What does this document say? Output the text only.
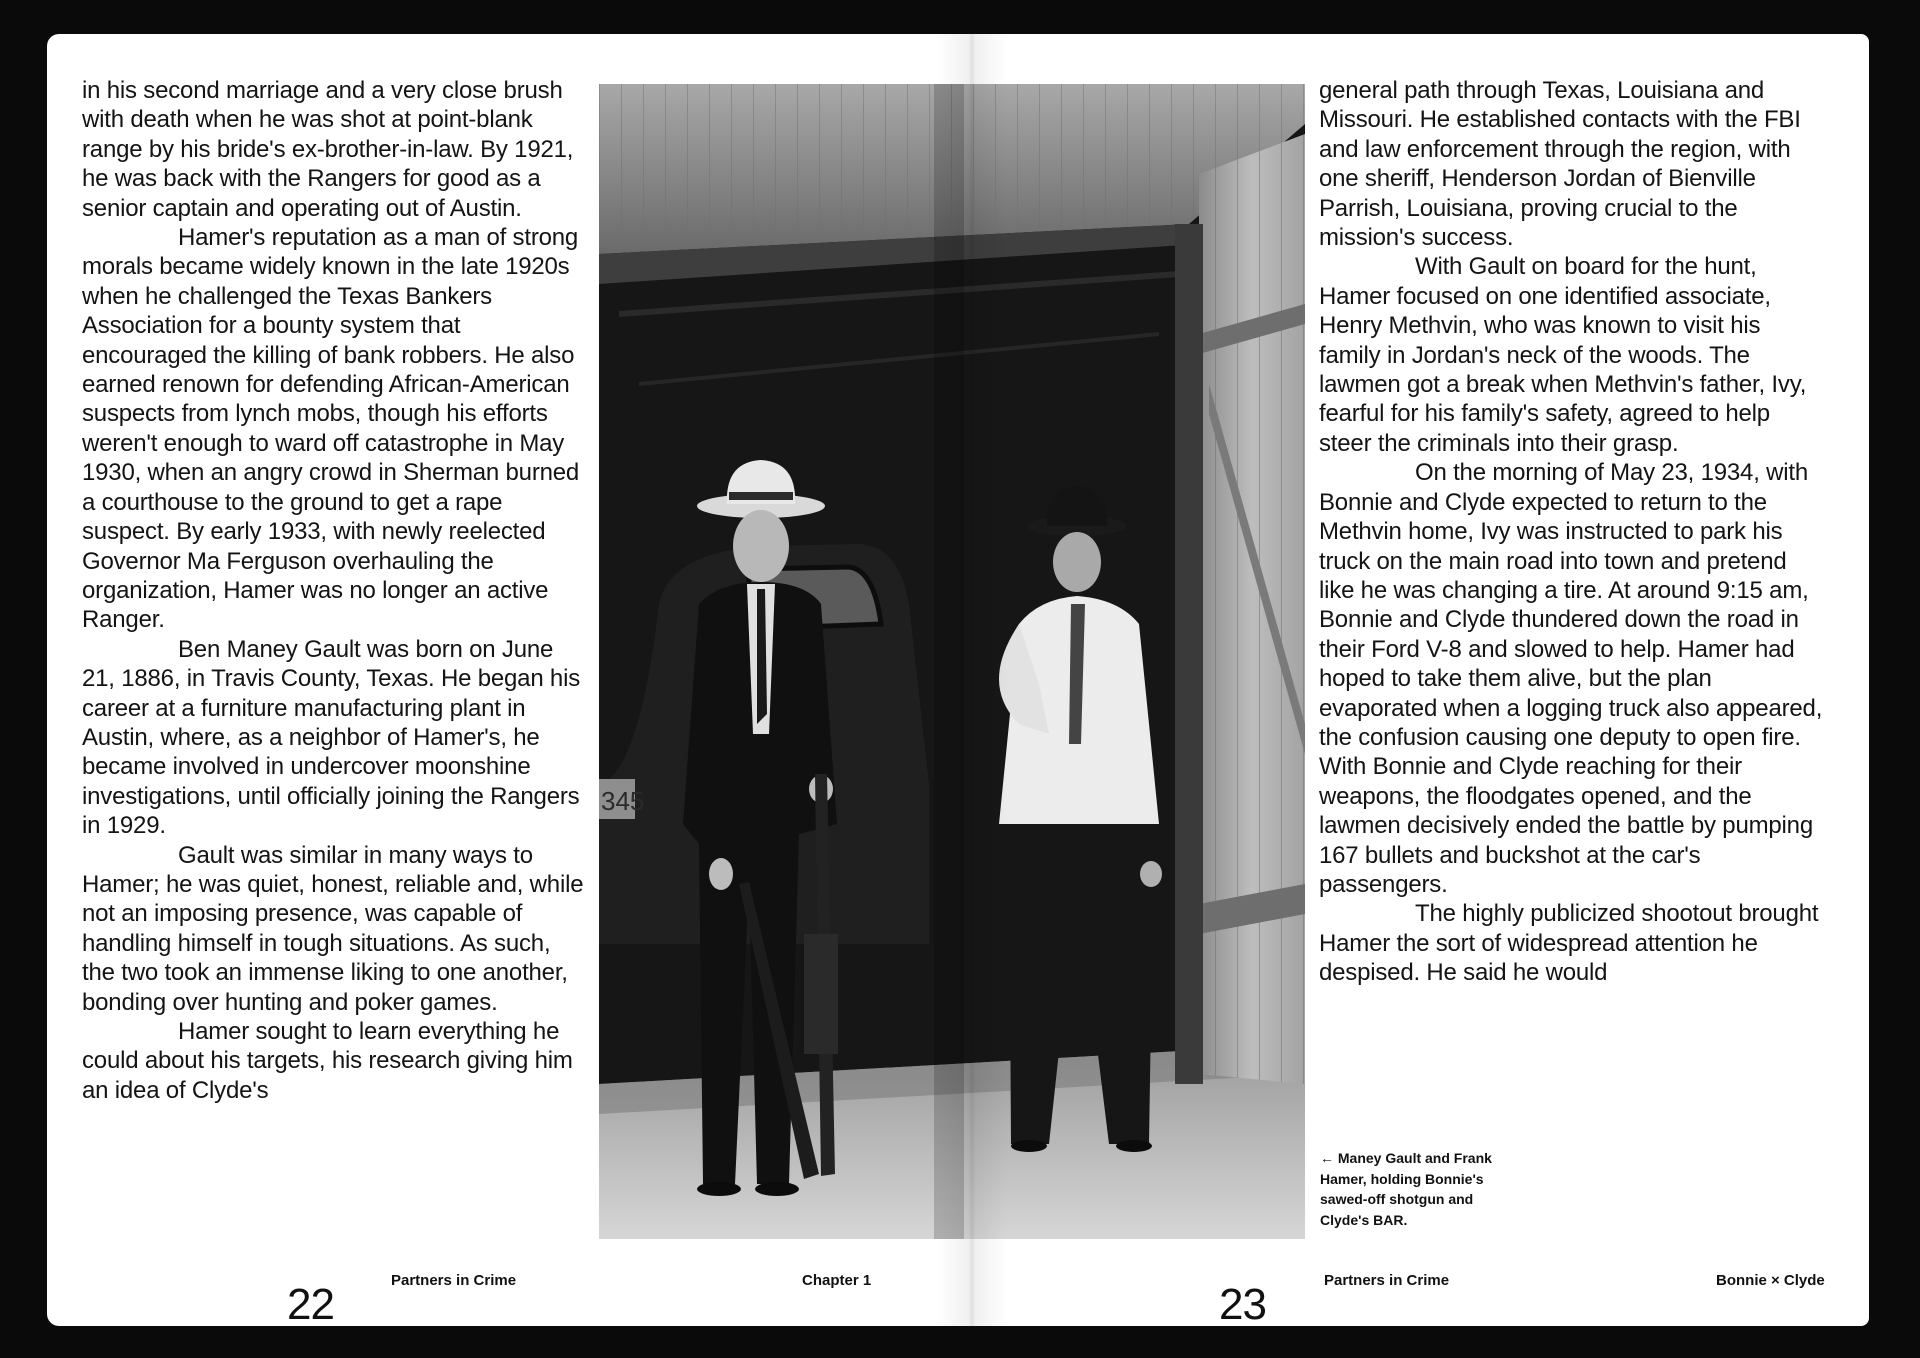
in his second marriage and a very close brush with death when he was shot at point-blank range by his bride's ex-brother-in-law. By 1921, he was back with the Rangers for good as a senior captain and operating out of Austin.

Hamer's reputation as a man of strong morals became widely known in the late 1920s when he challenged the Texas Bankers Association for a bounty system that encouraged the killing of bank robbers. He also earned renown for defending African-American suspects from lynch mobs, though his efforts weren't enough to ward off catastrophe in May 1930, when an angry crowd in Sherman burned a courthouse to the ground to get a rape suspect. By early 1933, with newly reelected Governor Ma Ferguson overhauling the organization, Hamer was no longer an active Ranger.

Ben Maney Gault was born on June 21, 1886, in Travis County, Texas. He began his career at a furniture manufacturing plant in Austin, where, as a neighbor of Hamer's, he became involved in undercover moonshine investigations, until officially joining the Rangers in 1929.

Gault was similar in many ways to Hamer; he was quiet, honest, reliable and, while not an imposing presence, was capable of handling himself in tough situations. As such, the two took an immense liking to one another, bonding over hunting and poker games.

Hamer sought to learn everything he could about his targets, his research giving him an idea of Clyde's

345

general path through Texas, Louisiana and Missouri. He established contacts with the FBI and law enforcement through the region, with one sheriff, Henderson Jordan of Bienville Parrish, Louisiana, proving crucial to the mission's success.

With Gault on board for the hunt, Hamer focused on one identified associate, Henry Methvin, who was known to visit his family in Jordan's neck of the woods. The lawmen got a break when Methvin's father, Ivy, fearful for his family's safety, agreed to help steer the criminals into their grasp.

On the morning of May 23, 1934, with Bonnie and Clyde expected to return to the Methvin home, Ivy was instructed to park his truck on the main road into town and pretend like he was changing a tire. At around 9:15 am, Bonnie and Clyde thundered down the road in their Ford V-8 and slowed to help. Hamer had hoped to take them alive, but the plan evaporated when a logging truck also appeared, the confusion causing one deputy to open fire. With Bonnie and Clyde reaching for their weapons, the floodgates opened, and the lawmen decisively ended the battle by pumping 167 bullets and buckshot at the car's passengers.

The highly publicized shootout brought Hamer the sort of widespread attention he despised. He said he would

← Maney Gault and Frank Hamer, holding Bonnie's sawed-off shotgun and Clyde's BAR.
22	Partners in Crime	Chapter 1	23	Partners in Crime	Bonnie × Clyde
